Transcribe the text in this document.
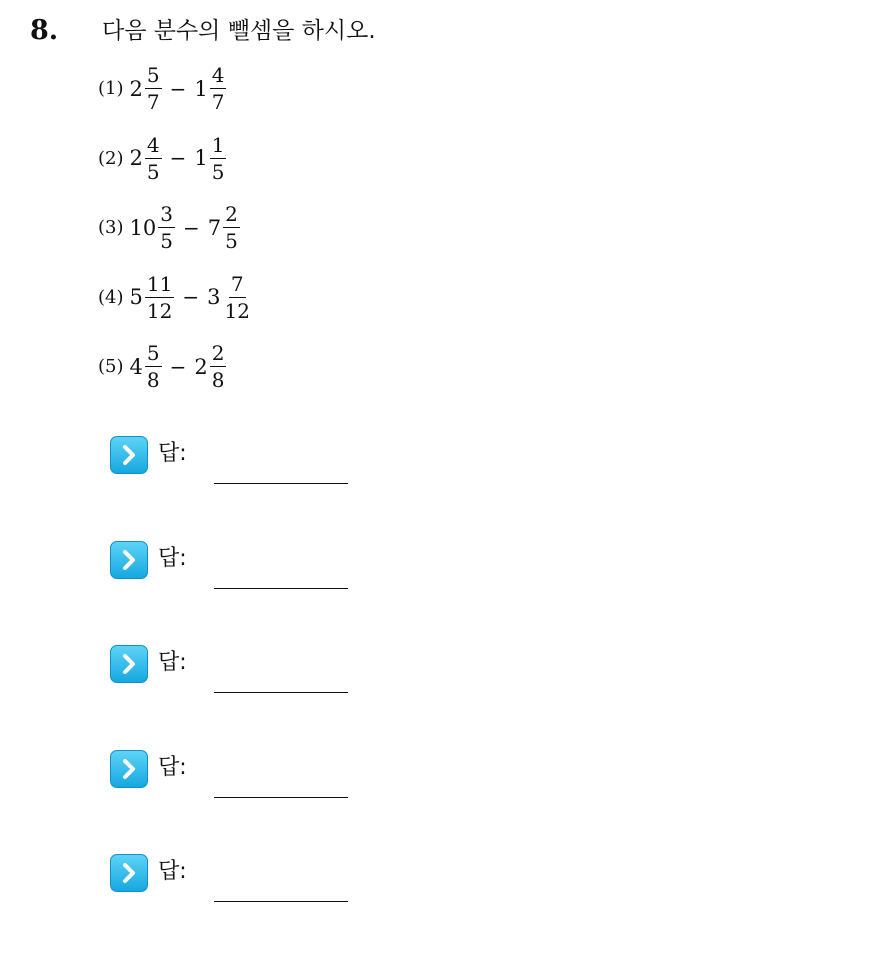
8. 다음 분수의 뺄셈을 하시오.
(1) $2 \frac{5}{7} - 1 \frac{4}{7}$
(2) $2 \frac{4}{5} - 1 \frac{1}{5}$
(3) $10 \frac{3}{5} - 7 \frac{2}{5}$
(4) $5 \frac{11}{12} - 3 \frac{7}{12}$
(5) $4 \frac{5}{8} - 2 \frac{2}{8}$
답:
답:
답:
답:
답:
